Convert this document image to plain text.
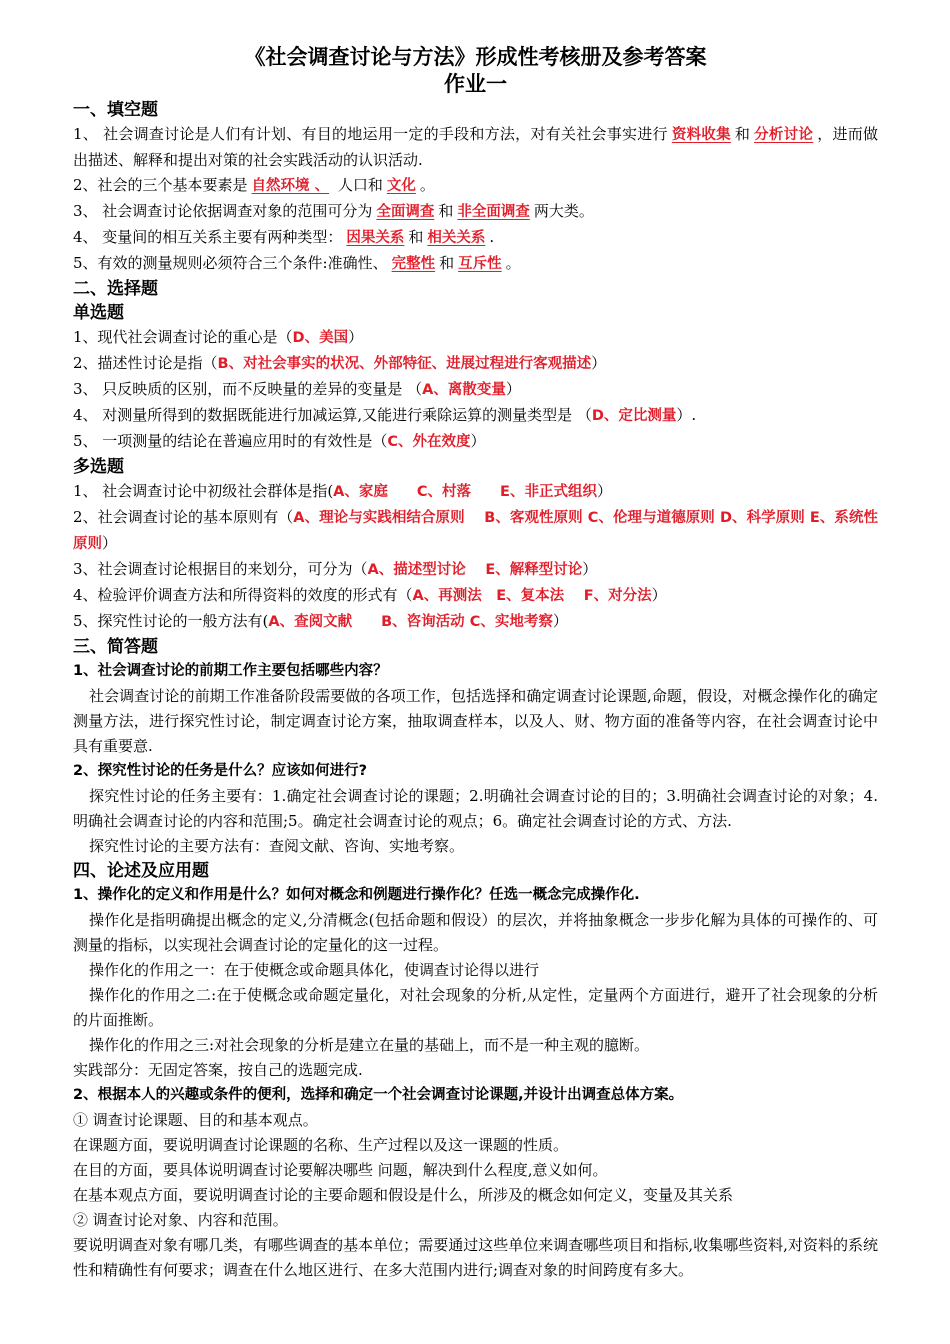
《社会调查讨论与方法》形成性考核册及参考答案
作业一
一、填空题
1、 社会调查讨论是人们有计划、有目的地运用一定的手段和方法，对有关社会事实进行 资料收集 和 分析讨论 ，进而做出描述、解释和提出对策的社会实践活动的认识活动.
2、社会的三个基本要素是 自然环境 、 人口和 文化 。
3、 社会调查讨论依据调查对象的范围可分为 全面调查 和 非全面调查 两大类。
4、 变量间的相互关系主要有两种类型： 因果关系 和 相关关系 .
5、有效的测量规则必须符合三个条件:准确性、 完整性 和 互斥性 。
二、选择题
单选题
1、现代社会调查讨论的重心是（D、美国）
2、描述性讨论是指（B、对社会事实的状况、外部特征、进展过程进行客观描述）
3、 只反映质的区别，而不反映量的差异的变量是 （A、离散变量）
4、 对测量所得到的数据既能进行加减运算,又能进行乘除运算的测量类型是 （D、定比测量）.
5、 一项测量的结论在普遍应用时的有效性是（C、外在效度）
多选题
1、 社会调查讨论中初级社会群体是指(A、家庭　　C、村落　　E、非正式组织）
2、社会调查讨论的基本原则有（A、理论与实践相结合原则　 B、客观性原则 C、伦理与道德原则 D、科学原则 E、系统性原则）
3、社会调查讨论根据目的来划分，可分为（A、描述型讨论　 E、解释型讨论）
4、检验评价调查方法和所得资料的效度的形式有（A、再测法　E、复本法　 F、对分法）
5、探究性讨论的一般方法有(A、查阅文献　　B、咨询活动 C、实地考察）
三、简答题
1、社会调查讨论的前期工作主要包括哪些内容？
社会调查讨论的前期工作准备阶段需要做的各项工作，包括选择和确定调查讨论课题,命题，假设，对概念操作化的确定测量方法，进行探究性讨论，制定调查讨论方案，抽取调查样本，以及人、财、物方面的准备等内容，在社会调查讨论中具有重要意.
2、探究性讨论的任务是什么？应该如何进行?
探究性讨论的任务主要有：1.确定社会调查讨论的课题；2.明确社会调查讨论的目的；3.明确社会调查讨论的对象；4.明确社会调查讨论的内容和范围;5。确定社会调查讨论的观点；6。确定社会调查讨论的方式、方法.
探究性讨论的主要方法有：查阅文献、咨询、实地考察。
四、论述及应用题
1、操作化的定义和作用是什么？如何对概念和例题进行操作化？任选一概念完成操作化.
操作化是指明确提出概念的定义,分清概念(包括命题和假设）的层次，并将抽象概念一步步化解为具体的可操作的、可测量的指标，以实现社会调查讨论的定量化的这一过程。
操作化的作用之一：在于使概念或命题具体化，使调查讨论得以进行
操作化的作用之二:在于使概念或命题定量化，对社会现象的分析,从定性，定量两个方面进行，避开了社会现象的分析的片面推断。
操作化的作用之三:对社会现象的分析是建立在量的基础上，而不是一种主观的臆断。
实践部分：无固定答案，按自己的选题完成.
2、根据本人的兴趣或条件的便利，选择和确定一个社会调查讨论课题,并设计出调查总体方案。
① 调查讨论课题、目的和基本观点。
在课题方面，要说明调查讨论课题的名称、生产过程以及这一课题的性质。
在目的方面，要具体说明调查讨论要解决哪些 问题，解决到什么程度,意义如何。
在基本观点方面，要说明调查讨论的主要命题和假设是什么，所涉及的概念如何定义，变量及其关系
② 调查讨论对象、内容和范围。
要说明调查对象有哪几类，有哪些调查的基本单位；需要通过这些单位来调查哪些项目和指标,收集哪些资料,对资料的系统性和精确性有何要求；调查在什么地区进行、在多大范围内进行;调查对象的时间跨度有多大。
